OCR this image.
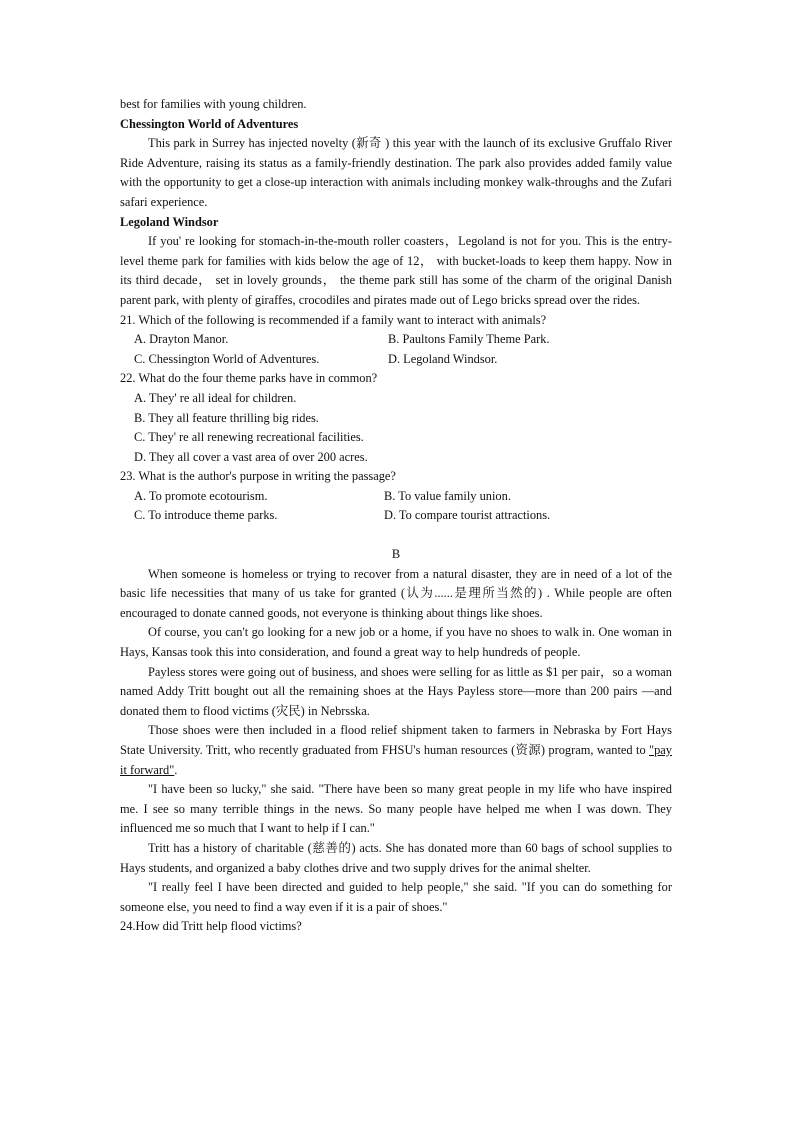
best for families with young children.

Chessington World of Adventures

This park in Surrey has injected novelty (新奇 ) this year with the launch of its exclusive Gruffalo River Ride Adventure, raising its status as a family-friendly destination. The park also provides added family value with the opportunity to get a close-up interaction with animals including monkey walk-throughs and the Zufari safari experience.

Legoland Windsor

If you' re looking for stomach-in-the-mouth roller coasters，Legoland is not for you. This is the entry-level theme park for families with kids below the age of 12， with bucket-loads to keep them happy. Now in its third decade， set in lovely grounds， the theme park still has some of the charm of the original Danish parent park, with plenty of giraffes, crocodiles and pirates made out of Lego bricks spread over the rides.

21. Which of the following is recommended if a family want to interact with animals?

A. Drayton Manor.	B. Paultons Family Theme Park.
C. Chessington World of Adventures.	D. Legoland Windsor.

22. What do the four theme parks have in common?

A. They' re all ideal for children.
B. They all feature thrilling big rides.
C. They' re all renewing recreational facilities.
D. They all cover a vast area of over 200 acres.

23. What is the author's purpose in writing the passage?

A. To promote ecotourism.	B. To value family union.
C. To introduce theme parks.	D. To compare tourist attractions.

B

When someone is homeless or trying to recover from a natural disaster, they are in need of a lot of the basic life necessities that many of us take for granted (认为......是理所当然的) . While people are often encouraged to donate canned goods, not everyone is thinking about things like shoes.

Of course, you can't go looking for a new job or a home, if you have no shoes to walk in. One woman in Hays, Kansas took this into consideration, and found a great way to help hundreds of people.

Payless stores were going out of business, and shoes were selling for as little as $1 per pair，so a woman named Addy Tritt bought out all the remaining shoes at the Hays Payless store—more than 200 pairs —and donated them to flood victims (灾民) in Nebrsska.

Those shoes were then included in a flood relief shipment taken to farmers in Nebraska by Fort Hays State University. Tritt, who recently graduated from FHSU's human resources (资源) program, wanted to "pay it forward".

"I have been so lucky," she said. "There have been so many great people in my life who have inspired me. I see so many terrible things in the news. So many people have helped me when I was down. They influenced me so much that I want to help if I can."

Tritt has a history of charitable (慈善的) acts. She has donated more than 60 bags of school supplies to Hays students, and organized a baby clothes drive and two supply drives for the animal shelter.

"I really feel I have been directed and guided to help people," she said. "If you can do something for someone else, you need to find a way even if it is a pair of shoes."

24.How did Tritt help flood victims?
